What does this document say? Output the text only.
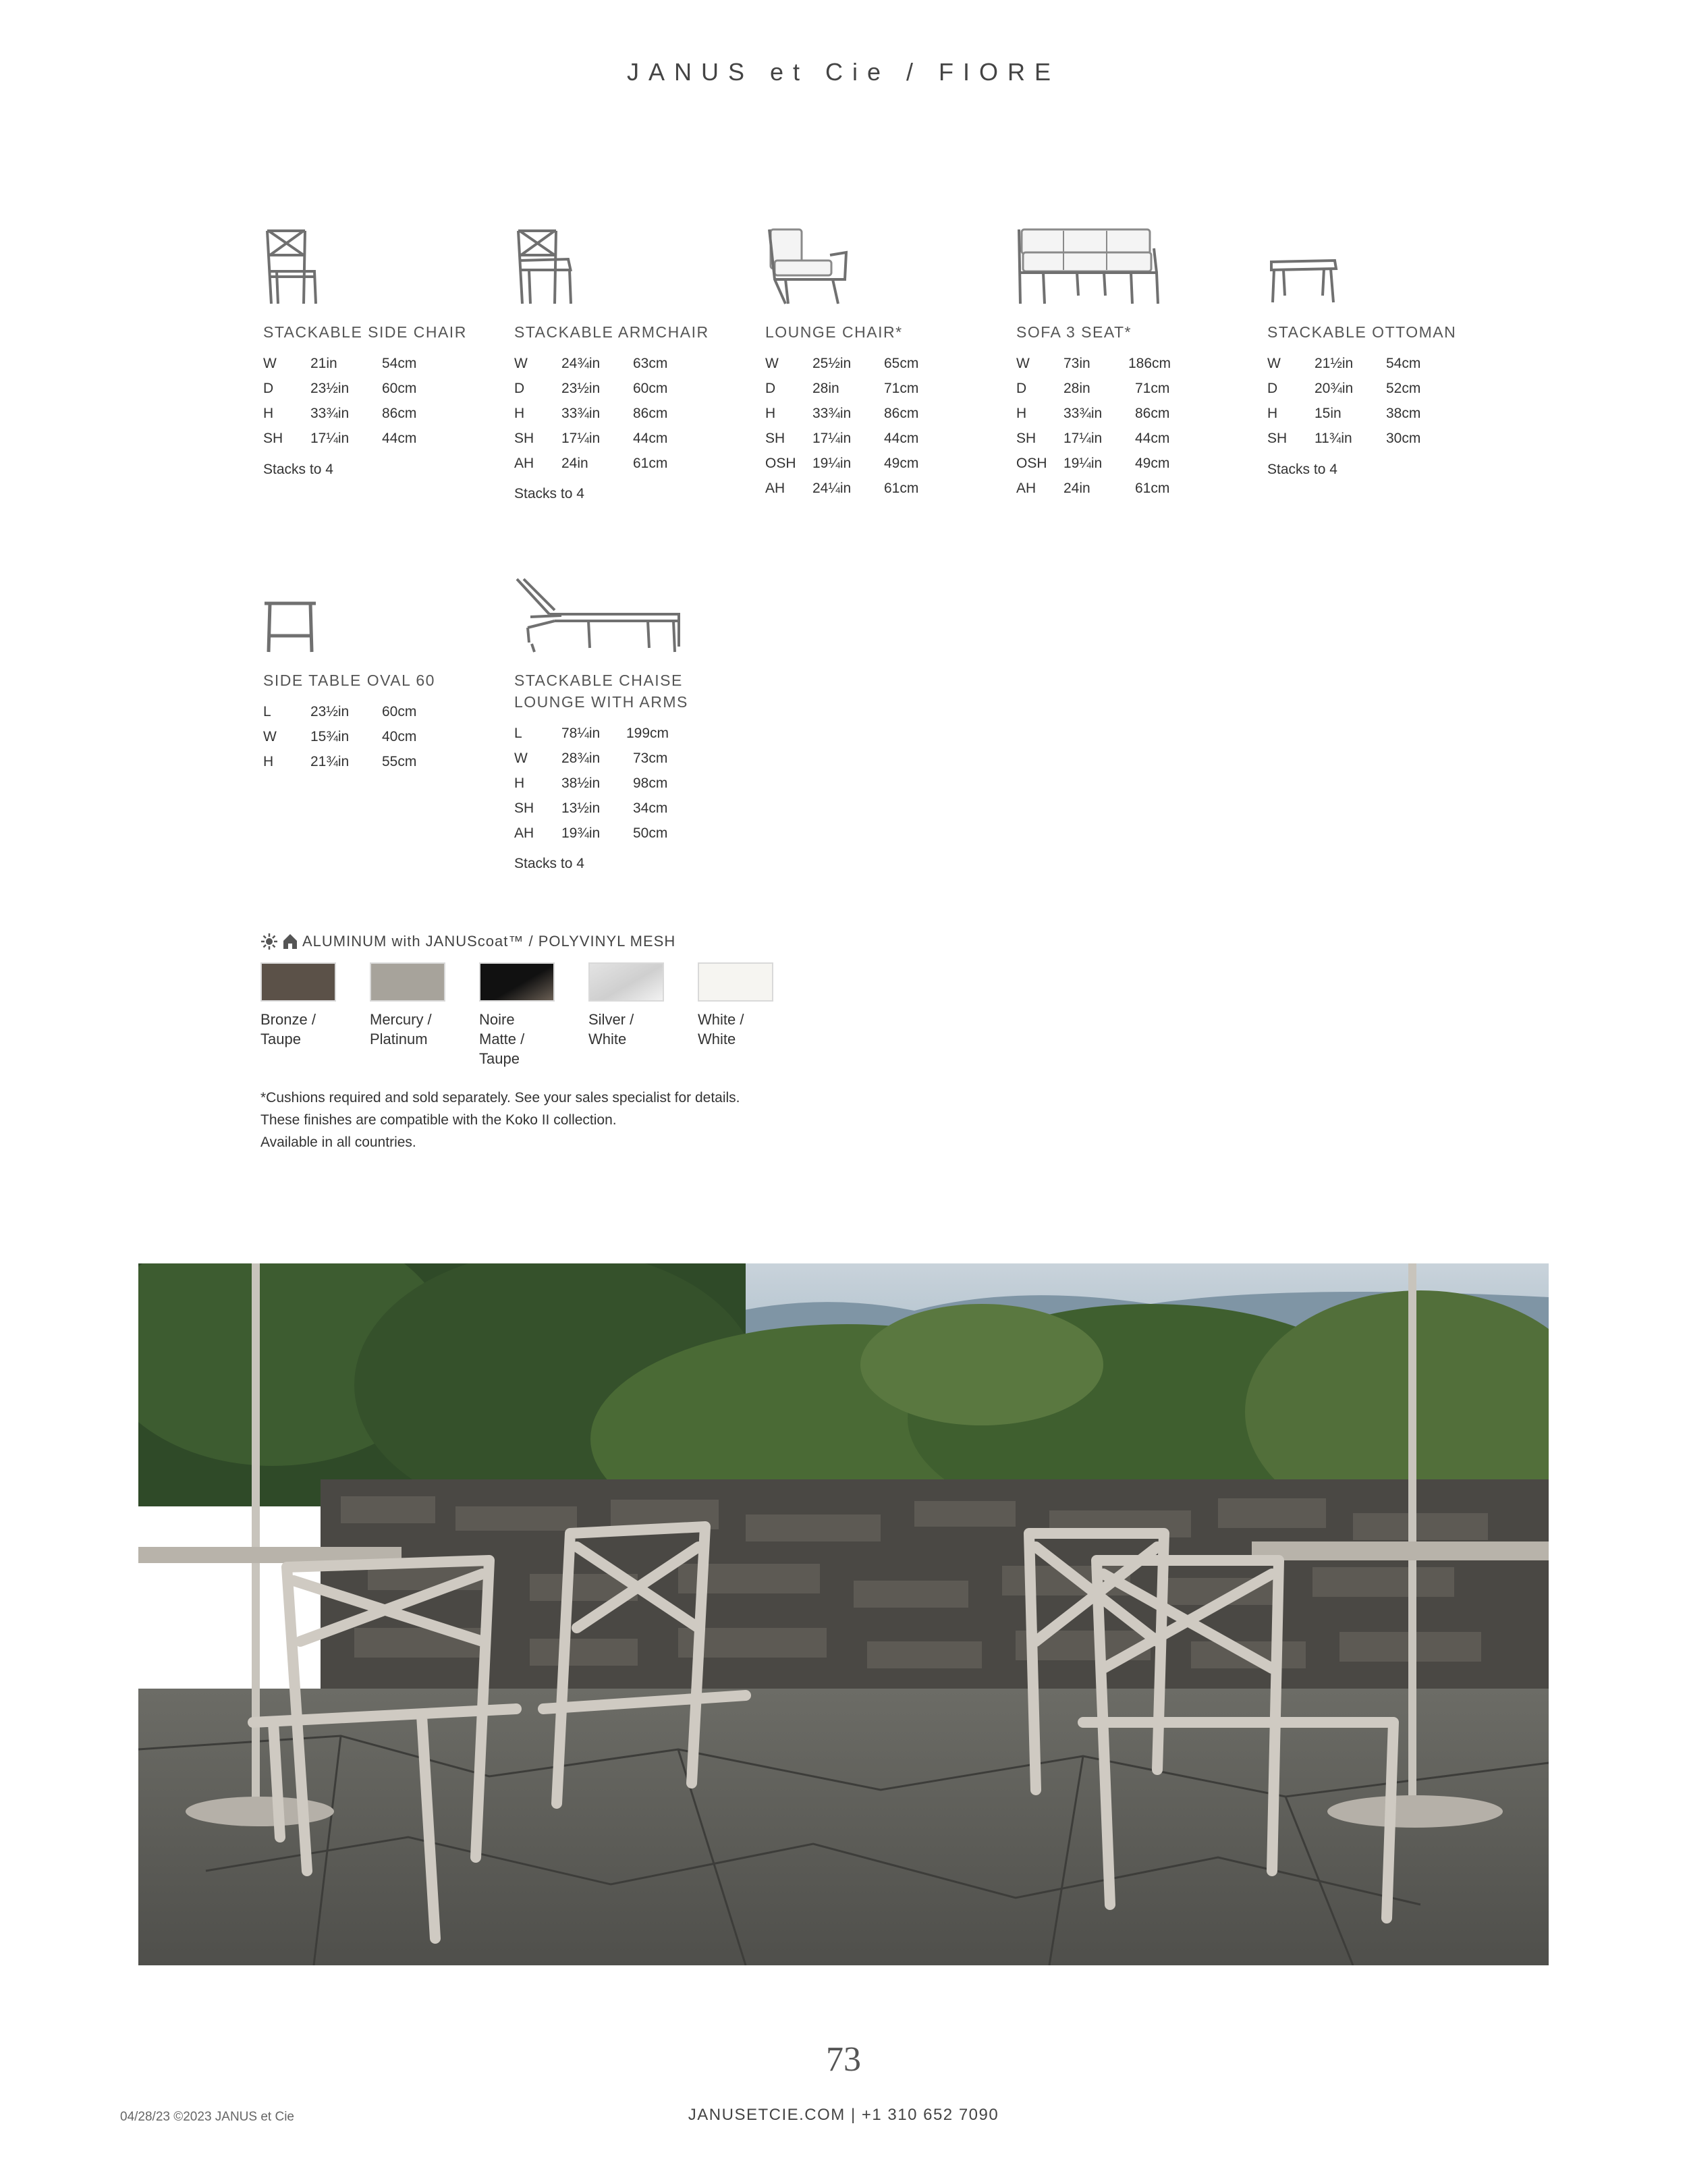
JANUS et Cie / FIORE
STACKABLE SIDE CHAIR
W 21in	54cm
D	23½in 60cm
H	33¾in 86cm
SH 17¼in 44cm
Stacks to 4
STACKABLE ARMCHAIR
W 24¾in 63cm
D	23½in 60cm
H	33¾in 86cm
SH 17¼in 44cm
AH 24in	61cm
Stacks to 4
LOUNGE CHAIR*
W 25½in 65cm
D	28in	71cm
H	33¾in 86cm
SH 17¼in 44cm
OSH 19¼in 49cm
AH 24¼in 61cm
SOFA 3 SEAT*
W 73in	186cm
D	28in	71cm
H	33¾in 86cm
SH 17¼in 44cm
OSH 19¼in 49cm
AH 24in	61cm
STACKABLE OTTOMAN
W 21½in 54cm
D	20¾in 52cm
H	15in	38cm
SH 11¾in 30cm
Stacks to 4
SIDE TABLE OVAL 60
L	23½in 60cm
W 15¾in 40cm
H	21¾in 55cm
STACKABLE CHAISE
LOUNGE WITH ARMS
L	78¼in 199cm
W 28¾in 73cm
H	38½in 98cm
SH 13½in 34cm
AH 19¾in 50cm
Stacks to 4
ALUMINUM with JANUScoat™ / POLYVINYL MESH
Bronze /
Taupe
Mercury /
Platinum
Noire
Matte /
Taupe
Silver /
White
White /
White
*Cushions required and sold separately. See your sales specialist for details.
These finishes are compatible with the Koko II collection.
Available in all countries.
73
04/28/23 ©2023 JANUS et Cie	JANUSETCIE.COM | +1 310 652 7090
